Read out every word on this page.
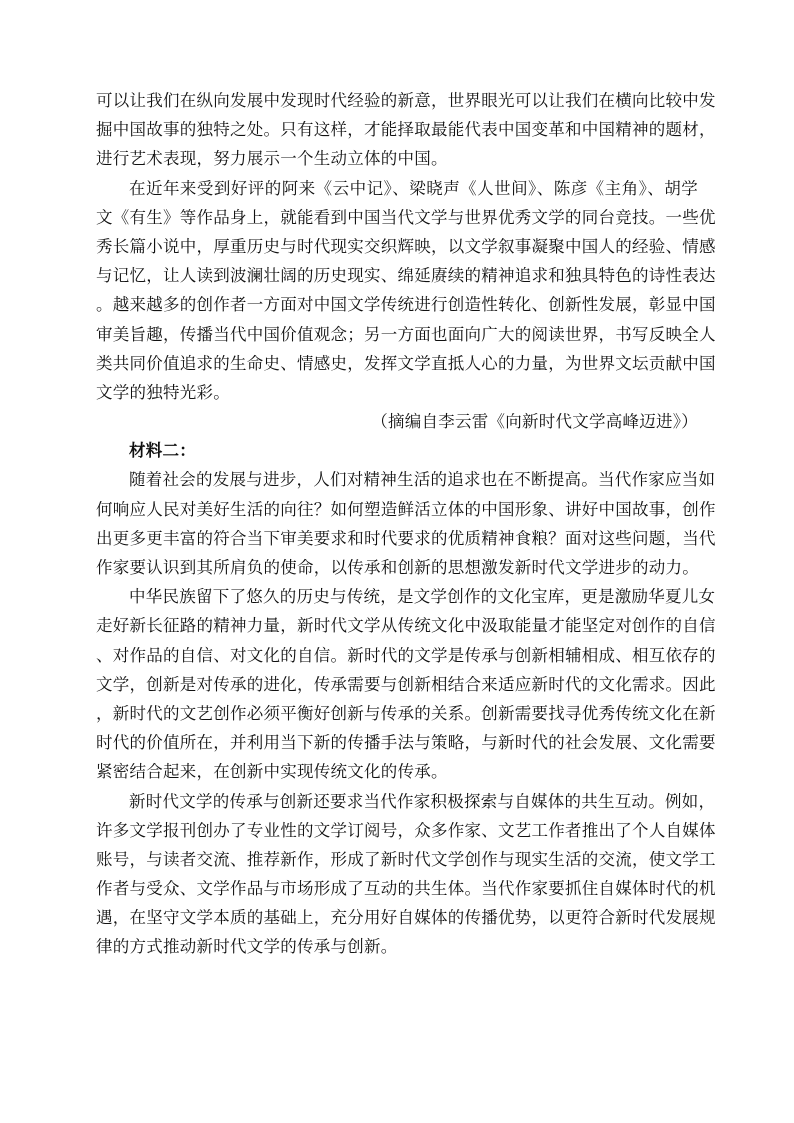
可以让我们在纵向发展中发现时代经验的新意，世界眼光可以让我们在横向比较中发
掘中国故事的独特之处。只有这样，才能择取最能代表中国变革和中国精神的题材，
进行艺术表现，努力展示一个生动立体的中国。
在近年来受到好评的阿来《云中记》、梁晓声《人世间》、陈彦《主角》、胡学
文《有生》等作品身上，就能看到中国当代文学与世界优秀文学的同台竞技。一些优
秀长篇小说中，厚重历史与时代现实交织辉映，以文学叙事凝聚中国人的经验、情感
与记忆，让人读到波澜壮阔的历史现实、绵延赓续的精神追求和独具特色的诗性表达
。越来越多的创作者一方面对中国文学传统进行创造性转化、创新性发展，彰显中国
审美旨趣，传播当代中国价值观念；另一方面也面向广大的阅读世界，书写反映全人
类共同价值追求的生命史、情感史，发挥文学直抵人心的力量，为世界文坛贡献中国
文学的独特光彩。
（摘编自李云雷《向新时代文学高峰迈进》）
材料二：
随着社会的发展与进步，人们对精神生活的追求也在不断提高。当代作家应当如
何响应人民对美好生活的向往？如何塑造鲜活立体的中国形象、讲好中国故事，创作
出更多更丰富的符合当下审美要求和时代要求的优质精神食粮？面对这些问题，当代
作家要认识到其所肩负的使命，以传承和创新的思想激发新时代文学进步的动力。
中华民族留下了悠久的历史与传统，是文学创作的文化宝库，更是激励华夏儿女
走好新长征路的精神力量，新时代文学从传统文化中汲取能量才能坚定对创作的自信
、对作品的自信、对文化的自信。新时代的文学是传承与创新相辅相成、相互依存的
文学，创新是对传承的进化，传承需要与创新相结合来适应新时代的文化需求。因此
，新时代的文艺创作必须平衡好创新与传承的关系。创新需要找寻优秀传统文化在新
时代的价值所在，并利用当下新的传播手法与策略，与新时代的社会发展、文化需要
紧密结合起来，在创新中实现传统文化的传承。
新时代文学的传承与创新还要求当代作家积极探索与自媒体的共生互动。例如，
许多文学报刊创办了专业性的文学订阅号，众多作家、文艺工作者推出了个人自媒体
账号，与读者交流、推荐新作，形成了新时代文学创作与现实生活的交流，使文学工
作者与受众、文学作品与市场形成了互动的共生体。当代作家要抓住自媒体时代的机
遇，在坚守文学本质的基础上，充分用好自媒体的传播优势，以更符合新时代发展规
律的方式推动新时代文学的传承与创新。
